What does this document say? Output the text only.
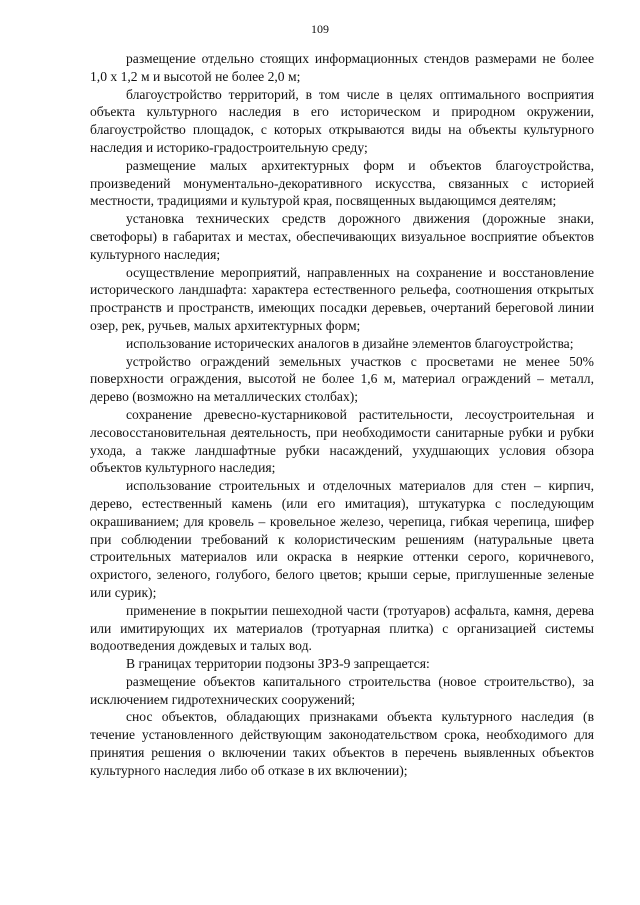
109

размещение отдельно стоящих информационных стендов размерами не более 1,0 х 1,2 м и высотой не более 2,0 м;

благоустройство территорий, в том числе в целях оптимального восприятия объекта культурного наследия в его историческом и природном окружении, благоустройство площадок, с которых открываются виды на объекты культурного наследия и историко-градостроительную среду;

размещение малых архитектурных форм и объектов благоустройства, произведений монументально-декоративного искусства, связанных с историей местности, традициями и культурой края, посвященных выдающимся деятелям;

установка технических средств дорожного движения (дорожные знаки, светофоры) в габаритах и местах, обеспечивающих визуальное восприятие объектов культурного наследия;

осуществление мероприятий, направленных на сохранение и восстановление исторического ландшафта: характера естественного рельефа, соотношения открытых пространств и пространств, имеющих посадки деревьев, очертаний береговой линии озер, рек, ручьев, малых архитектурных форм;

использование исторических аналогов в дизайне элементов благоустройства;

устройство ограждений земельных участков с просветами не менее 50% поверхности ограждения, высотой не более 1,6 м, материал ограждений – металл, дерево (возможно на металлических столбах);

сохранение древесно-кустарниковой растительности, лесоустроительная и лесовосстановительная деятельность, при необходимости санитарные рубки и рубки ухода, а также ландшафтные рубки насаждений, ухудшающих условия обзора объектов культурного наследия;

использование строительных и отделочных материалов для стен – кирпич, дерево, естественный камень (или его имитация), штукатурка с последующим окрашиванием; для кровель – кровельное железо, черепица, гибкая черепица, шифер при соблюдении требований к колористическим решениям (натуральные цвета строительных материалов или окраска в неяркие оттенки серого, коричневого, охристого, зеленого, голубого, белого цветов; крыши серые, приглушенные зеленые или сурик);

применение в покрытии пешеходной части (тротуаров) асфальта, камня, дерева или имитирующих их материалов (тротуарная плитка) с организацией системы водоотведения дождевых и талых вод.

В границах территории подзоны ЗРЗ-9 запрещается:

размещение объектов капитального строительства (новое строительство), за исключением гидротехнических сооружений;

снос объектов, обладающих признаками объекта культурного наследия (в течение установленного действующим законодательством срока, необходимого для принятия решения о включении таких объектов в перечень выявленных объектов культурного наследия либо об отказе в их включении);
